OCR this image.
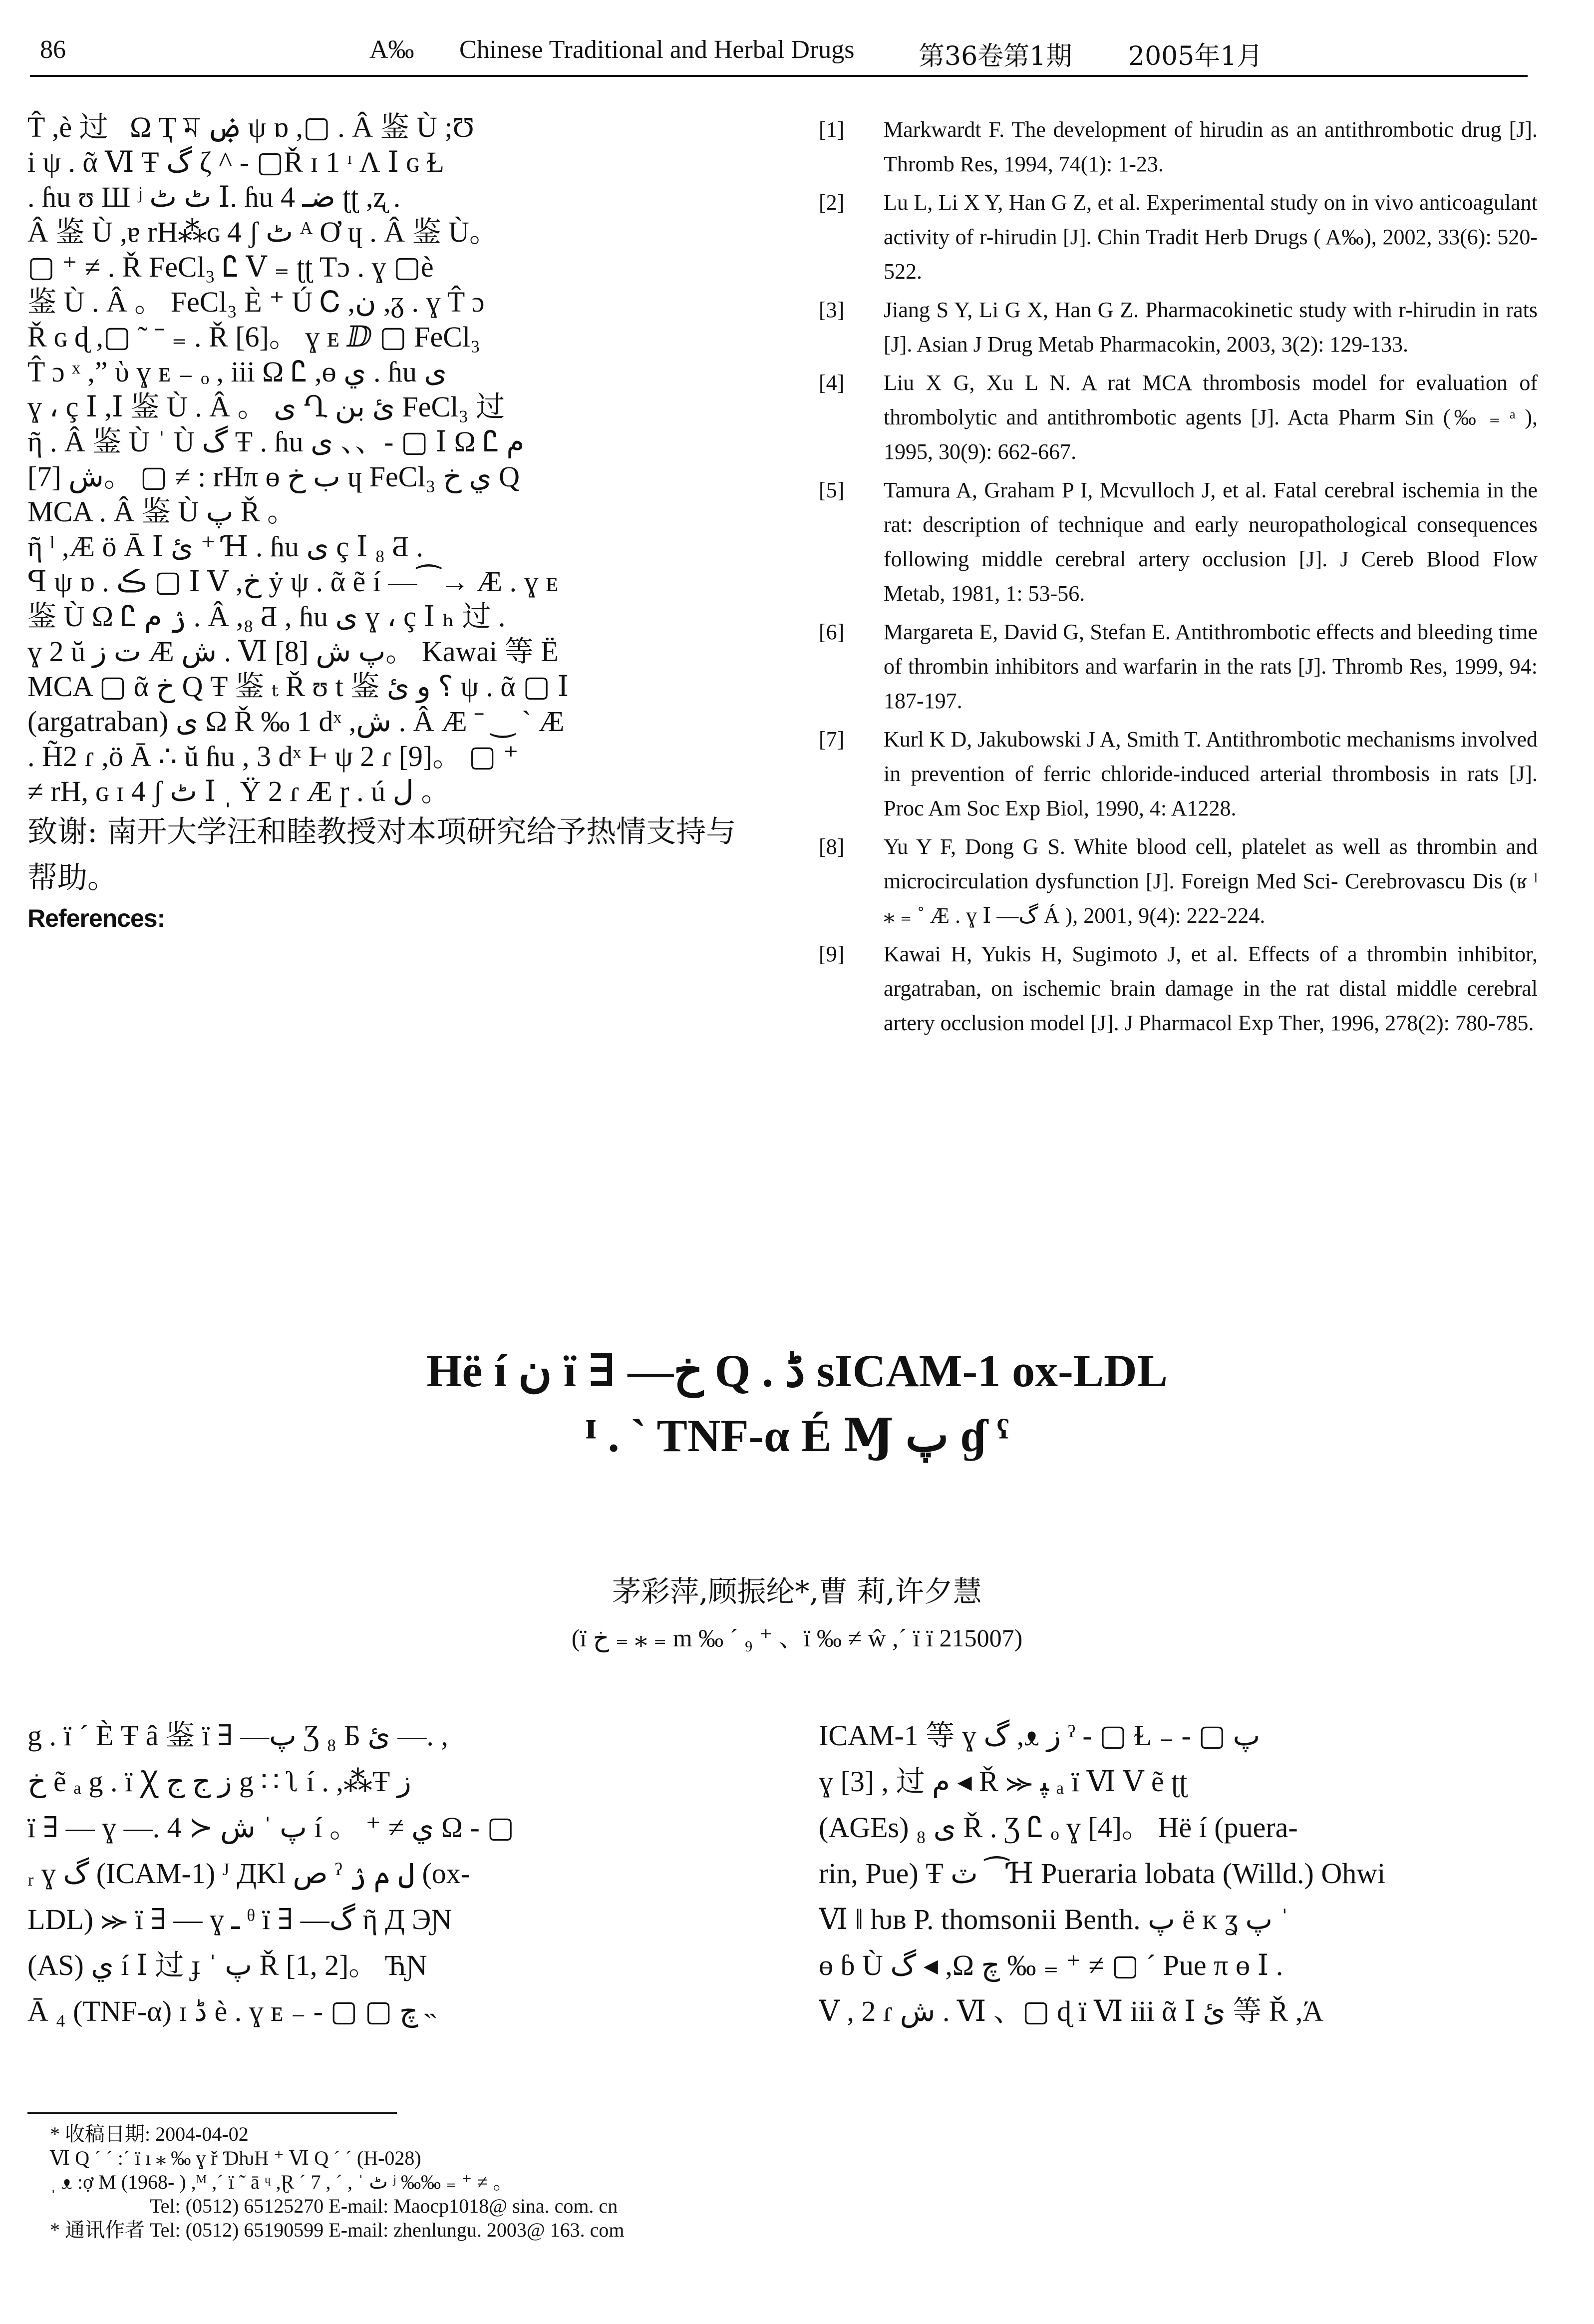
86	A‰ Chinese Traditional and Herbal Drugs 第36卷第1期 2005年1月

T̂ ,è 过 ⁠ ⁠ Ω Ҭ ম ۻ ψ ɒ ,▢ . Â 鉴 Ù ;Ʊ

i ψ . ᾶ Ⅵ Ŧ گ ζ ^ - ▢Ř ɪ 1 ᶦ Ʌ Ⅰ ɢ Ɫ

. ɦu ʊ Ш ʲ ٹ ٹ Ⅰ. ɦu 4 ضـ ʈʈ ,ʐ .

Â 鉴 Ù ,ɐ rH⁂ɢ 4 ʃ ٹ ᴬ Ơ ɥ . Â 鉴 Ù。

▢ ⁺ ≠ . Ř FeCl₃ Ꮭ Ⅴ ₌ ʈʈ Tɔ . ɣ ▢è

鉴 Ù . Â 。 FeCl₃ È ⁺ Ú Ꮯ ,ن ,ᵹ . ɣ T̂ ɔ

Ř ɢ ɖ ,▢ ˜ ˉ ₌ . Ř [6]。 ɣ ᴇ ⅅ ▢ FeCl₃

T̂ ɔ ˣ ,ˮ ὺ ɣ ᴇ ₋ ₒ , iii Ω Ꮭ ,ɵ ي . ɦu ى

ɣ ، ç Ⅰ ,Ⅰ 鉴 Ù . Â 。 ى Ղ ئ بن FeCl₃ 过

ῆ . Â 鉴 Ù ˈ Ù گ Ŧ . ɦu ى 、、- ▢ Ⅰ Ω Ꮭ م

ش [7]。 ▢ ≠ : rHπ ɵ ب خ ɥ FeCl₃ ي خ Q

MCA . Â 鉴 Ù پ Ř 。

ῆ ˡ ,Æ ö Ā Ⅰ ئ ⁺ Ɦ . ɦu ى ç Ⅰ ₈ Ƌ .

ꟼ ψ ɒ . ڪ ▢ Ⅰ Ⅴ ,خ ẏ ψ . ᾶ ẽ í —⁀→ Æ . ɣ ᴇ

鉴 Ù Ω Ꮭ ۯ م . Â ,₈ Ƌ , ɦu ى ɣ ، ç Ⅰ ₕ 过 .

ɣ 2 ŭ ت ز Æ ش . Ⅵ پ ش [8]。 Kawai 等 Ë

MCA ▢ ᾶ خ Q Ŧ 鉴 ₜ Ř ʊ t 鉴 ؟ و ئ ψ . ᾶ ▢ Ⅰ

(argatraban) ى Ω Ř ‰ 1 dˣ ,ش . Â Æ ˉ ‿ ˋ Æ

. H̃2 ɾ ,ö Ā ∴ ŭ ɦu , 3 dˣ Ⱶ ψ 2 ɾ [9]。 ▢ ⁺

≠ rH, ɢ ɪ 4 ʃ ٹ Ⅰ ˌ Ÿ 2 ɾ Æ ɼ . ú ل 。

致谢: 南开大学汪和睦教授对本项研究给予热情支持与帮助。

References:

[1] Markwardt F. The development of hirudin as an antithrombotic drug [J]. Thromb Res, 1994, 74(1): 1-23.

[2] Lu L, Li X Y, Han G Z, et al. Experimental study on in vivo anticoagulant activity of r-hirudin [J]. Chin Tradit Herb Drugs ( A‰), 2002, 33(6): 520-522.

[3] Jiang S Y, Li G X, Han G Z. Pharmacokinetic study with r-hirudin in rats [J]. Asian J Drug Metab Pharmacokin, 2003, 3(2): 129-133.

[4] Liu X G, Xu L N. A rat MCA thrombosis model for evaluation of thrombolytic and antithrombotic agents [J]. Acta Pharm Sin (‰ ₌ ᵃ ), 1995, 30(9): 662-667.

[5] Tamura A, Graham P I, Mcvulloch J, et al. Fatal cerebral ischemia in the rat: description of technique and early neuropathological consequences following middle cerebral artery occlusion [J]. J Cereb Blood Flow Metab, 1981, 1: 53-56.

[6] Margareta E, David G, Stefan E. Antithrombotic effects and bleeding time of thrombin inhibitors and warfarin in the rats [J]. Thromb Res, 1999, 94: 187-197.

[7] Kurl K D, Jakubowski J A, Smith T. Antithrombotic mechanisms involved in prevention of ferric chloride-induced arterial thrombosis in rats [J]. Proc Am Soc Exp Biol, 1990, 4: A1228.

[8] Yu Y F, Dong G S. White blood cell, platelet as well as thrombin and microcirculation dysfunction [J]. Foreign Med Sci- Cerebrovascu Dis (ʁ ˡ ⁎ ₌ ˚ Æ . ɣ Ⅰ —گ Á ), 2001, 9(4): 222-224.

[9] Kawai H, Yukis H, Sugimoto J, et al. Effects of a thrombin inhibitor, argatraban, on ischemic brain damage in the rat distal middle cerebral artery occlusion model [J]. J Pharmacol Exp Ther, 1996, 278(2): 780-785.

Hë í ن ï ∃ —خ Q . ڈ sICAM-1 ox-LDL
ᴵ . ˋ TNF-α É Ɱ پ ɠ ˁ
茅彩萍,顾振纶*,曹 莉,许夕慧
(ï خ ₌ ⁎ ₌ m ‰ ˊ ₉ ⁺ 、ï ‰ ≠ ŵ ,ˊ ï ï 215007)

g . ï ˊ È Ŧ â 鉴 ï ∃ —پ Ʒ ₈ Б ئ —. ,

خ ẽ ₐ g . ï Ꭓ ز ج ج g ∷ ʅ í . ,⁂Ŧ ز

ï ∃ — ɣ —. پ ˈ ش ≺ 4 í 。 ⁺ ≠ ي Ω - ▢

ᵣ ɣ گ (ICAM-1) ᴶ ДKl ص ˀ ل م ۯ (ox-

LDL) ⪼ ï ∃ — ɣ ـ ᶿ ï ∃ —گ ῆ Д ЭƝ

(AS) ي í Ⅰ 过 ɟ ˈ پ Ř [1, 2]。 ЋƝ

Ā ₄ (TNF-α) ɪ ڈ è . ɣ ᴇ ₋ - ▢ ▢ چ ˵

ICAM-1 等 ɣ گ ,ᴥ ز ˀ - ▢ Ɫ ₋ - ▢ پ

ɣ [3] , 过 م ◂ Ř ⪼ ﭙ ₐ ï Ⅵ Ⅴ ẽ ʈʈ

(AGEs) ی ₈ Ř . Ʒ Ꮭ ₒ ɣ [4]。 Hë í (puera-

rin, Pue) Ŧ ٽ ⁀Ɦ Pueraria lobata (Willd.) Ohwi

Ⅵ ‖ ƕʙ P. thomsonii Benth. پ ë ᴋ ʓ پ ˈ

ɵ ɓ Ù گ ◂ ,Ω چ ‰ ₌ ⁺ ≠ ▢ ˊ Pue π ɵ Ⅰ .

Ⅴ , 2 ɾ ش . Ⅵ 、▢ ɖ ï Ⅵ iii ᾶ Ⅰ ئ 等 Ř ,Ά

* 收稿日期: 2004-04-02

Ⅵ Q ˊ ˊ :ˊ ï ı ⁎ ‰ ɣ ř ƊƕH ⁺ Ⅵ Q ˊ ˊ (H-028)

ˌ ᴥ :ợ M (1968- ) ,ᴹ ,ˊ ï ˜ ā ᶣ ,Ɽ ˊ 7 , ˊ , ˈ ٹ ʲ ‰‰ ₌ ⁺ ≠ 。

Tel: (0512) 65125270 E-mail: Maocp1018@ sina. com. cn

* 通讯作者 Tel: (0512) 65190599 E-mail: zhenlungu. 2003@ 163. com
